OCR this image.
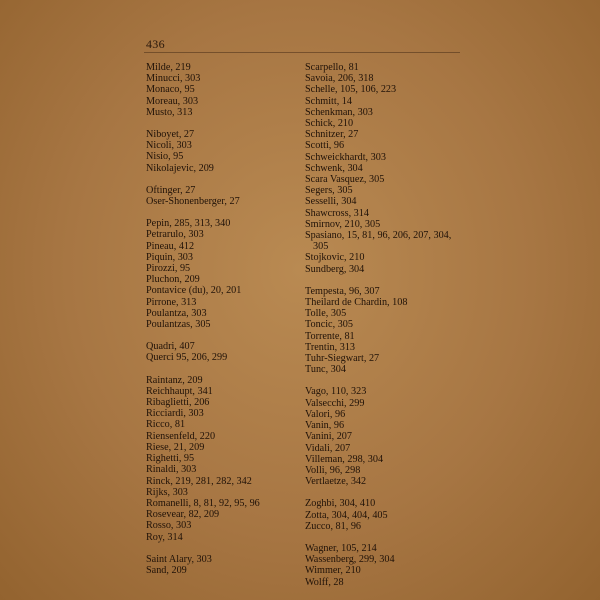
436
Milde, 219
Minucci, 303
Monaco, 95
Moreau, 303
Musto, 313
Niboyet, 27
Nicoli, 303
Nisio, 95
Nikolajevic, 209
Oftinger, 27
Oser-Shonenberger, 27
Pepin, 285, 313, 340
Petrarulo, 303
Pineau, 412
Piquin, 303
Pirozzi, 95
Pluchon, 209
Pontavice (du), 20, 201
Pirrone, 313
Poulantza, 303
Poulantzas, 305
Quadri, 407
Querci 95, 206, 299
Raintanz, 209
Reichhaupt, 341
Ribaglietti, 206
Ricciardi, 303
Ricco, 81
Riensenfeld, 220
Riese, 21, 209
Righetti, 95
Rinaldi, 303
Rinck, 219, 281, 282, 342
Rijks, 303
Romanelli, 8, 81, 92, 95, 96
Rosevear, 82, 209
Rosso, 303
Roy, 314
Saint Alary, 303
Sand, 209
Scarpello, 81
Savoia, 206, 318
Schelle, 105, 106, 223
Schmitt, 14
Schenkman, 303
Schick, 210
Schnitzer, 27
Scotti, 96
Schweickhardt, 303
Schwenk, 304
Scara Vasquez, 305
Segers, 305
Sesselli, 304
Shawcross, 314
Smirnov, 210, 305
Spasiano, 15, 81, 96, 206, 207, 304, 305
Stojkovic, 210
Sundberg, 304
Tempesta, 96, 307
Theilard de Chardin, 108
Tolle, 305
Toncic, 305
Torrente, 81
Trentin, 313
Tuhr-Siegwart, 27
Tunc, 304
Vago, 110, 323
Valsecchi, 299
Valori, 96
Vanin, 96
Vanini, 207
Vidali, 207
Villeman, 298, 304
Volli, 96, 298
Vertlaetze, 342
Zoghbi, 304, 410
Zotta, 304, 404, 405
Zucco, 81, 96
Wagner, 105, 214
Wassenberg, 299, 304
Wimmer, 210
Wolff, 28
